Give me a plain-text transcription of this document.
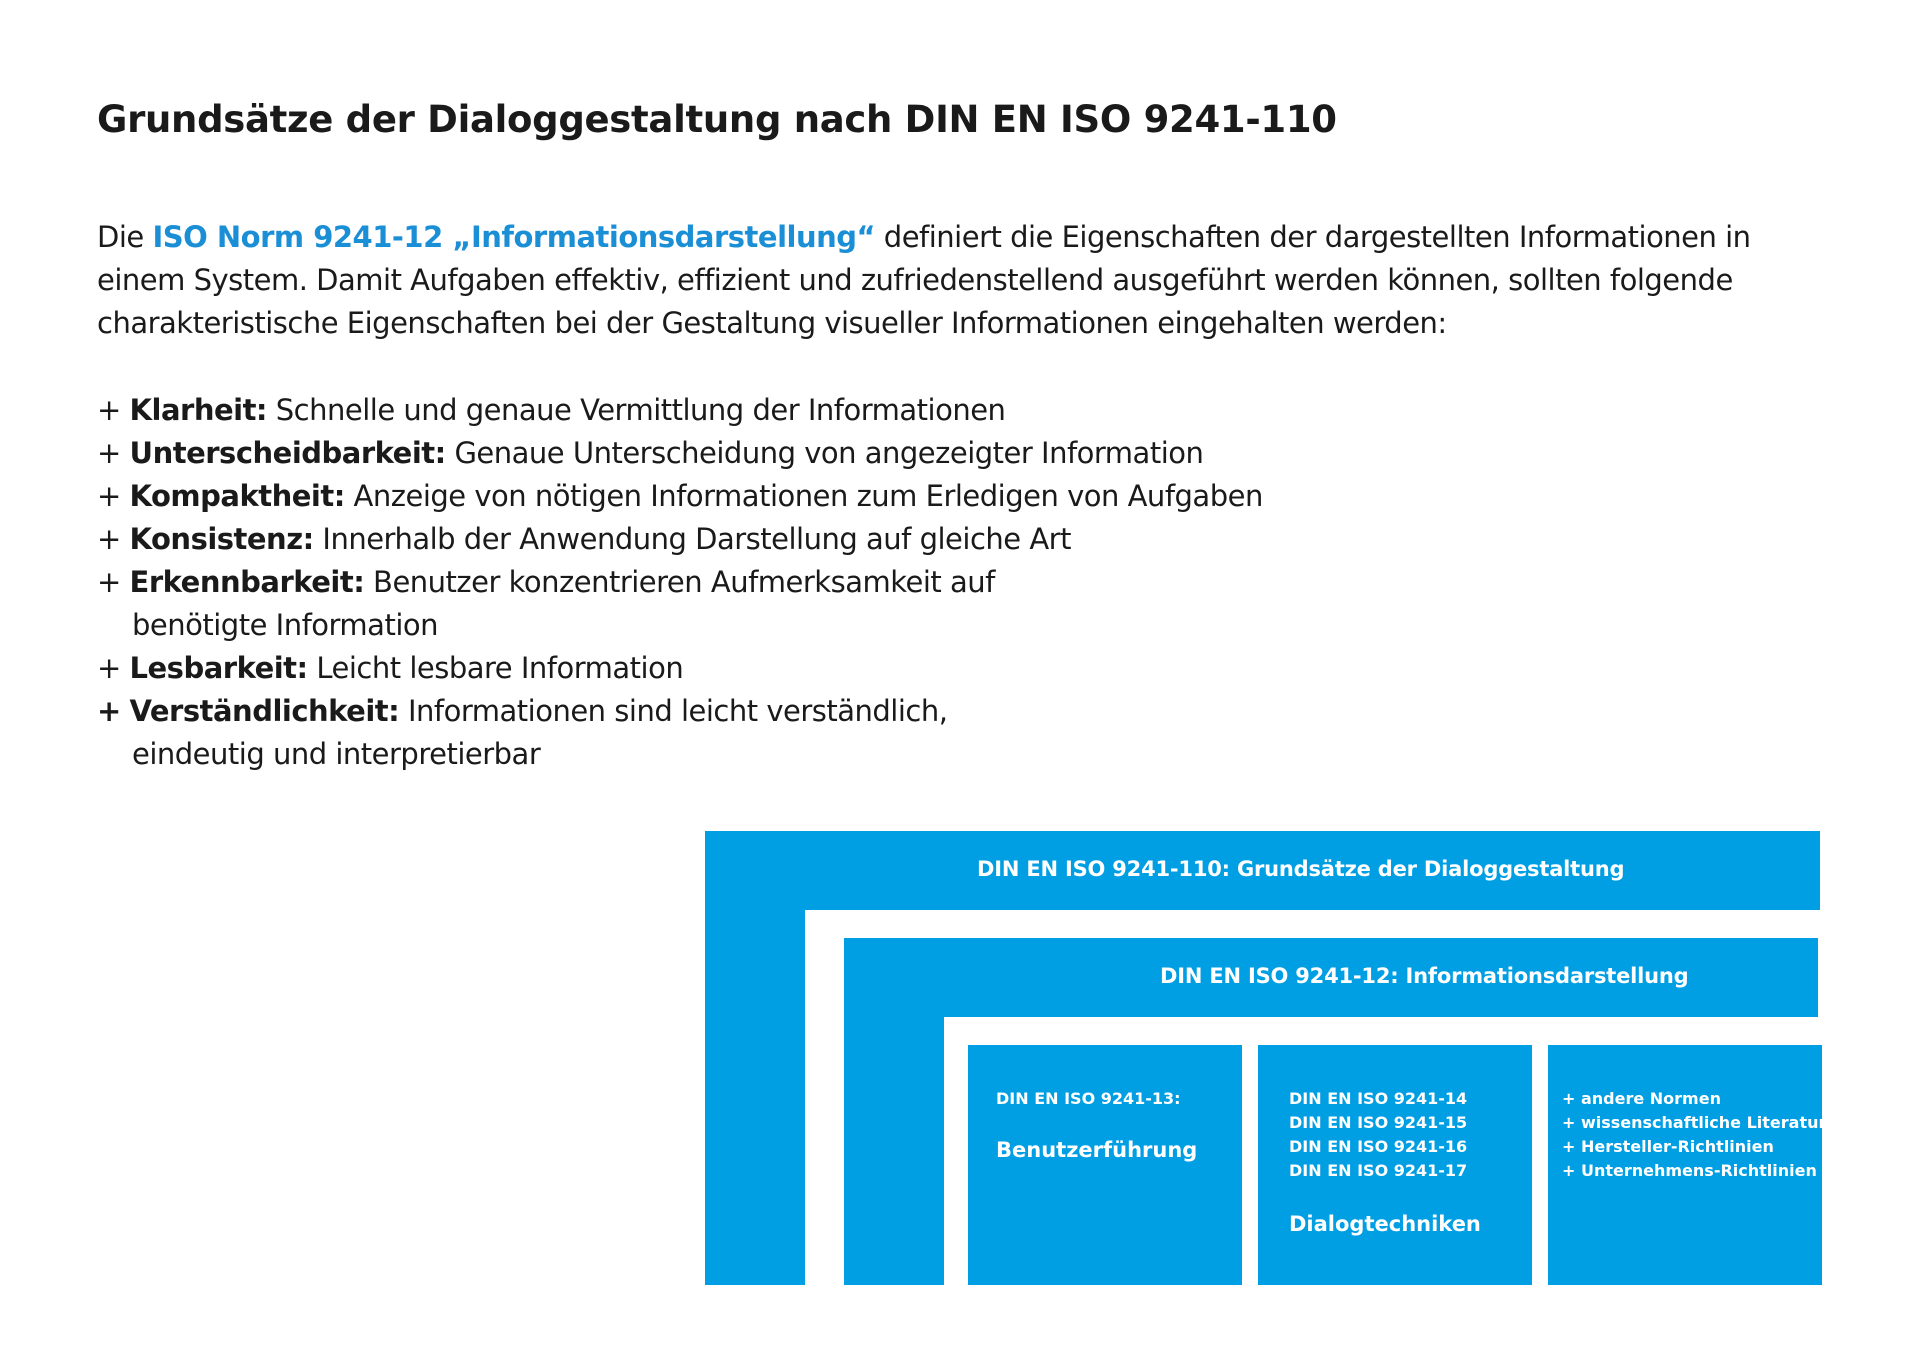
Grundsätze der Dialoggestaltung nach DIN EN ISO 9241-110
Die ISO Norm 9241-12 „Informationsdarstellung“ definiert die Eigenschaften der dargestellten Informationen in
einem System. Damit Aufgaben effektiv, effizient und zufriedenstellend ausgeführt werden können, sollten folgende
charakteristische Eigenschaften bei der Gestaltung visueller Informationen eingehalten werden:
+ Klarheit: Schnelle und genaue Vermittlung der Informationen
+ Unterscheidbarkeit: Genaue Unterscheidung von angezeigter Information
+ Kompaktheit: Anzeige von nötigen Informationen zum Erledigen von Aufgaben
+ Konsistenz: Innerhalb der Anwendung Darstellung auf gleiche Art
+ Erkennbarkeit: Benutzer konzentrieren Aufmerksamkeit auf
benötigte Information
+ Lesbarkeit: Leicht lesbare Information
+ Verständlichkeit: Informationen sind leicht verständlich,
eindeutig und interpretierbar
DIN EN ISO 9241-110: Grundsätze der Dialoggestaltung
DIN EN ISO 9241-12: Informationsdarstellung
DIN EN ISO 9241-13:
Benutzerführung
DIN EN ISO 9241-14
DIN EN ISO 9241-15
DIN EN ISO 9241-16
DIN EN ISO 9241-17
Dialogtechniken
+ andere Normen
+ wissenschaftliche Literatur
+ Hersteller-Richtlinien
+ Unternehmens-Richtlinien
